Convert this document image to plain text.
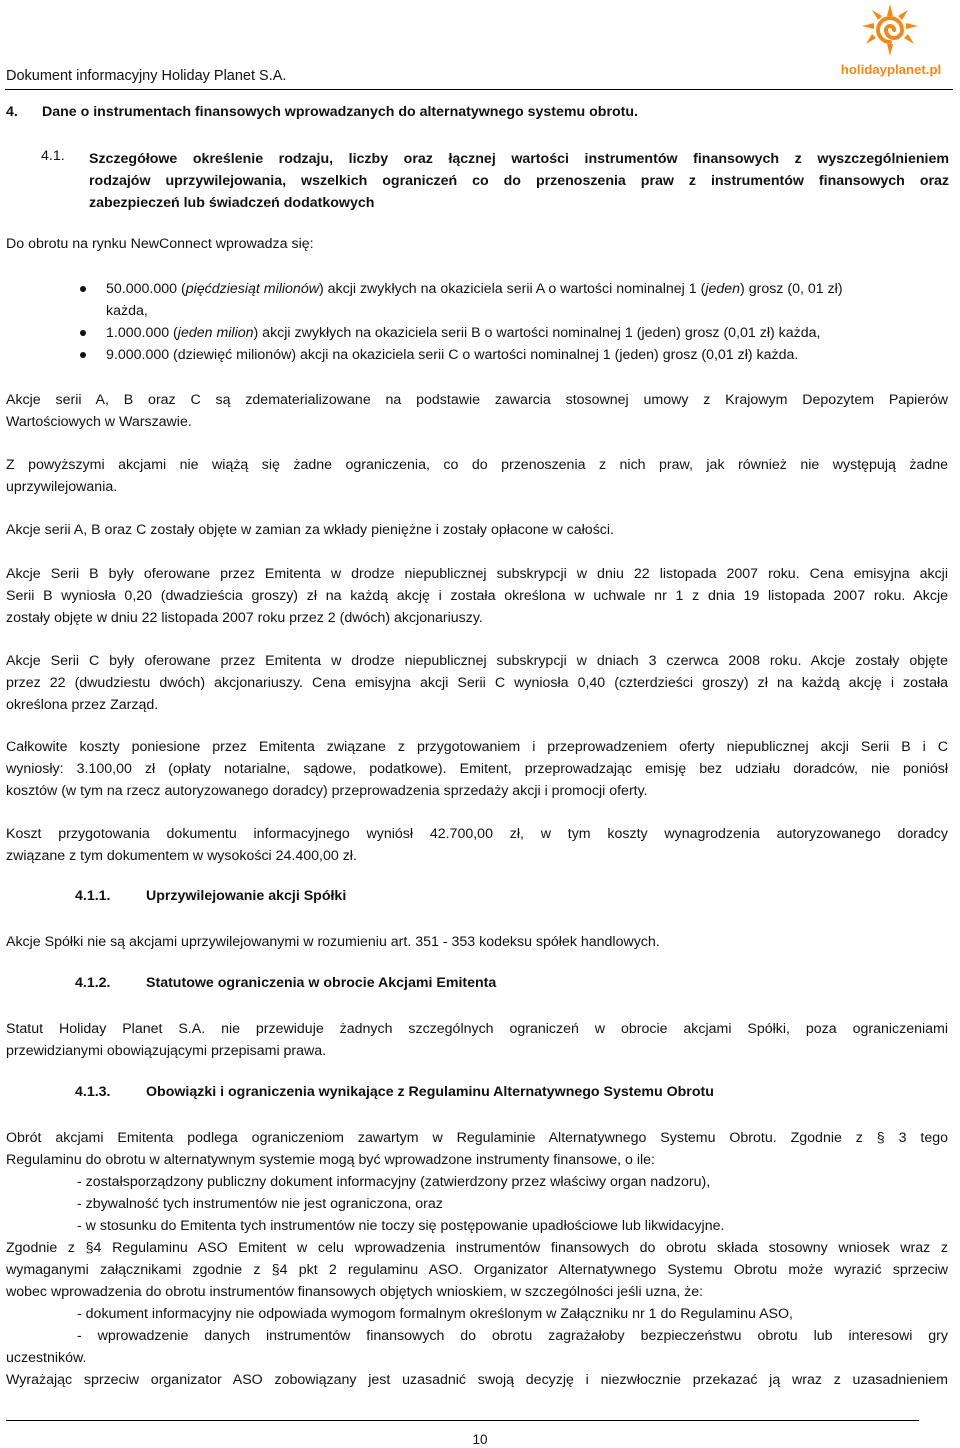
Dokument informacyjny Holiday Planet S.A.	holidayplanet.pl
4. Dane o instrumentach finansowych wprowadzanych do alternatywnego systemu obrotu.
4.1. Szczegółowe określenie rodzaju, liczby oraz łącznej wartości instrumentów finansowych z wyszczególnieniem
rodzajów uprzywilejowania, wszelkich ograniczeń co do przenoszenia praw z instrumentów finansowych oraz
zabezpieczeń lub świadczeń dodatkowych
Do obrotu na rynku NewConnect wprowadza się:
50.000.000 (pięćdziesiąt milionów) akcji zwykłych na okaziciela serii A o wartości nominalnej 1 (jeden) grosz (0, 01 zł)
każda,
1.000.000 (jeden milion) akcji zwykłych na okaziciela serii B o wartości nominalnej 1 (jeden) grosz (0,01 zł) każda,
9.000.000 (dziewięć milionów) akcji na okaziciela serii C o wartości nominalnej 1 (jeden) grosz (0,01 zł) każda.
Akcje serii A, B oraz C są zdematerializowane na podstawie zawarcia stosownej umowy z Krajowym Depozytem Papierów
Wartościowych w Warszawie.
Z powyższymi akcjami nie wiążą się żadne ograniczenia, co do przenoszenia z nich praw, jak również nie występują żadne
uprzywilejowania.
Akcje serii A, B oraz C zostały objęte w zamian za wkłady pieniężne i zostały opłacone w całości.
Akcje Serii B były oferowane przez Emitenta w drodze niepublicznej subskrypcji w dniu 22 listopada 2007 roku. Cena emisyjna akcji
Serii B wyniosła 0,20 (dwadzieścia groszy) zł na każdą akcję i została określona w uchwale nr 1 z dnia 19 listopada 2007 roku. Akcje
zostały objęte w dniu 22 listopada 2007 roku przez 2 (dwóch) akcjonariuszy.
Akcje Serii C były oferowane przez Emitenta w drodze niepublicznej subskrypcji w dniach 3 czerwca 2008 roku. Akcje zostały objęte
przez 22 (dwudziestu dwóch) akcjonariuszy. Cena emisyjna akcji Serii C wyniosła 0,40 (czterdzieści groszy) zł na każdą akcję i została
określona przez Zarząd.
Całkowite koszty poniesione przez Emitenta związane z przygotowaniem i przeprowadzeniem oferty niepublicznej akcji Serii B i C
wyniosły: 3.100,00 zł (opłaty notarialne, sądowe, podatkowe). Emitent, przeprowadzając emisję bez udziału doradców, nie poniósł
kosztów (w tym na rzecz autoryzowanego doradcy) przeprowadzenia sprzedaży akcji i promocji oferty.
Koszt przygotowania dokumentu informacyjnego wyniósł 42.700,00 zł, w tym koszty wynagrodzenia autoryzowanego doradcy
związane z tym dokumentem w wysokości 24.400,00 zł.
4.1.1.	Uprzywilejowanie akcji Spółki
Akcje Spółki nie są akcjami uprzywilejowanymi w rozumieniu art. 351 - 353 kodeksu spółek handlowych.
4.1.2.	Statutowe ograniczenia w obrocie Akcjami Emitenta
Statut Holiday Planet S.A. nie przewiduje żadnych szczególnych ograniczeń w obrocie akcjami Spółki, poza ograniczeniami
przewidzianymi obowiązującymi przepisami prawa.
4.1.3.	Obowiązki i ograniczenia wynikające z Regulaminu Alternatywnego Systemu Obrotu
Obrót akcjami Emitenta podlega ograniczeniom zawartym w Regulaminie Alternatywnego Systemu Obrotu. Zgodnie z § 3 tego
Regulaminu do obrotu w alternatywnym systemie mogą być wprowadzone instrumenty finansowe, o ile:
- zostałsporządzony publiczny dokument informacyjny (zatwierdzony przez właściwy organ nadzoru),
- zbywalność tych instrumentów nie jest ograniczona, oraz
- w stosunku do Emitenta tych instrumentów nie toczy się postępowanie upadłościowe lub likwidacyjne.
Zgodnie z §4 Regulaminu ASO Emitent w celu wprowadzenia instrumentów finansowych do obrotu składa stosowny wniosek wraz z
wymaganymi załącznikami zgodnie z §4 pkt 2 regulaminu ASO. Organizator Alternatywnego Systemu Obrotu może wyrazić sprzeciw
wobec wprowadzenia do obrotu instrumentów finansowych objętych wnioskiem, w szczególności jeśli uzna, że:
- dokument informacyjny nie odpowiada wymogom formalnym określonym w Załączniku nr 1 do Regulaminu ASO,
- wprowadzenie danych instrumentów finansowych do obrotu zagrażałoby bezpieczeństwu obrotu lub interesowi gry
uczestników.
Wyrażając sprzeciw organizator ASO zobowiązany jest uzasadnić swoją decyzję i niezwłocznie przekazać ją wraz z uzasadnieniem
10
